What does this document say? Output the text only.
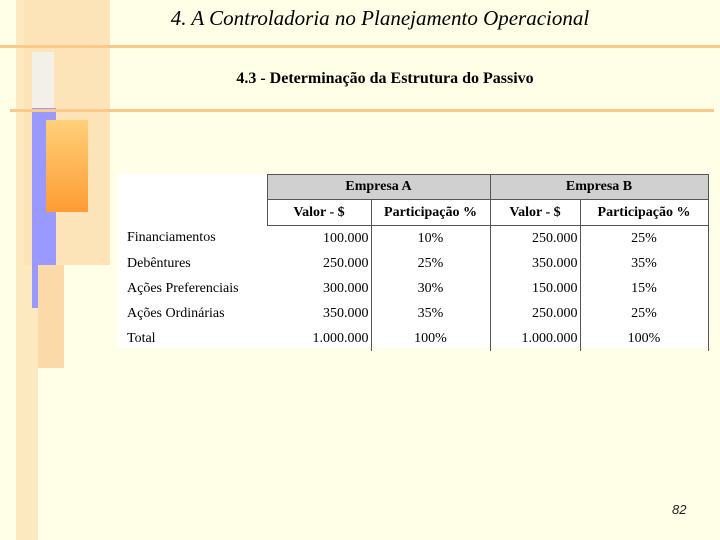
4. A Controladoria no Planejamento Operacional
4.3 - Determinação da Estrutura do Passivo
	Empresa A		Empresa B	
	Valor - $	Participação %	Valor - $	Participação %
Financiamentos	100.000	10%	250.000	25%
Debêntures	250.000	25%	350.000	35%
Ações Preferenciais	300.000	30%	150.000	15%
Ações Ordinárias	350.000	35%	250.000	25%
Total	1.000.000	100%	1.000.000	100%
82
